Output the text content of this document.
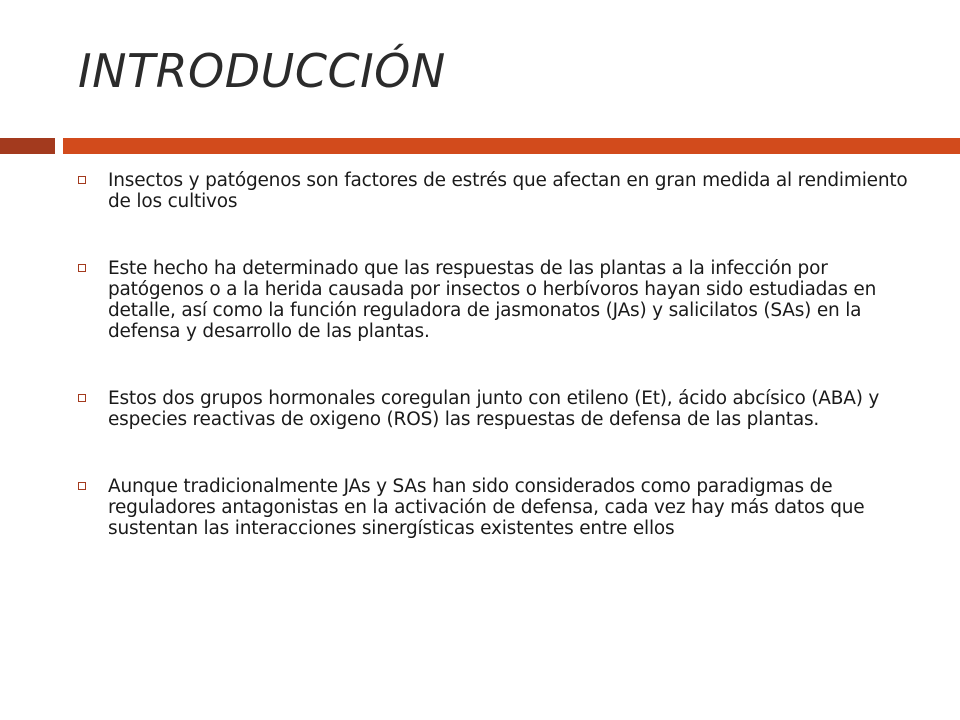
INTRODUCCIÓN
Insectos y patógenos son factores de estrés que afectan en gran medida al rendimiento de los cultivos
Este hecho ha determinado que las respuestas de las plantas a la infección por patógenos o a la herida causada por insectos o herbívoros hayan sido estudiadas en detalle, así como la función reguladora de jasmonatos (JAs) y salicilatos (SAs) en la defensa y desarrollo de las plantas.
Estos dos grupos hormonales coregulan junto con etileno (Et), ácido abcísico (ABA) y especies reactivas de oxigeno (ROS) las respuestas de defensa de las plantas.
Aunque tradicionalmente JAs y SAs han sido considerados como paradigmas de reguladores antagonistas en la activación de defensa, cada vez hay más datos que sustentan las interacciones sinergísticas existentes entre ellos
